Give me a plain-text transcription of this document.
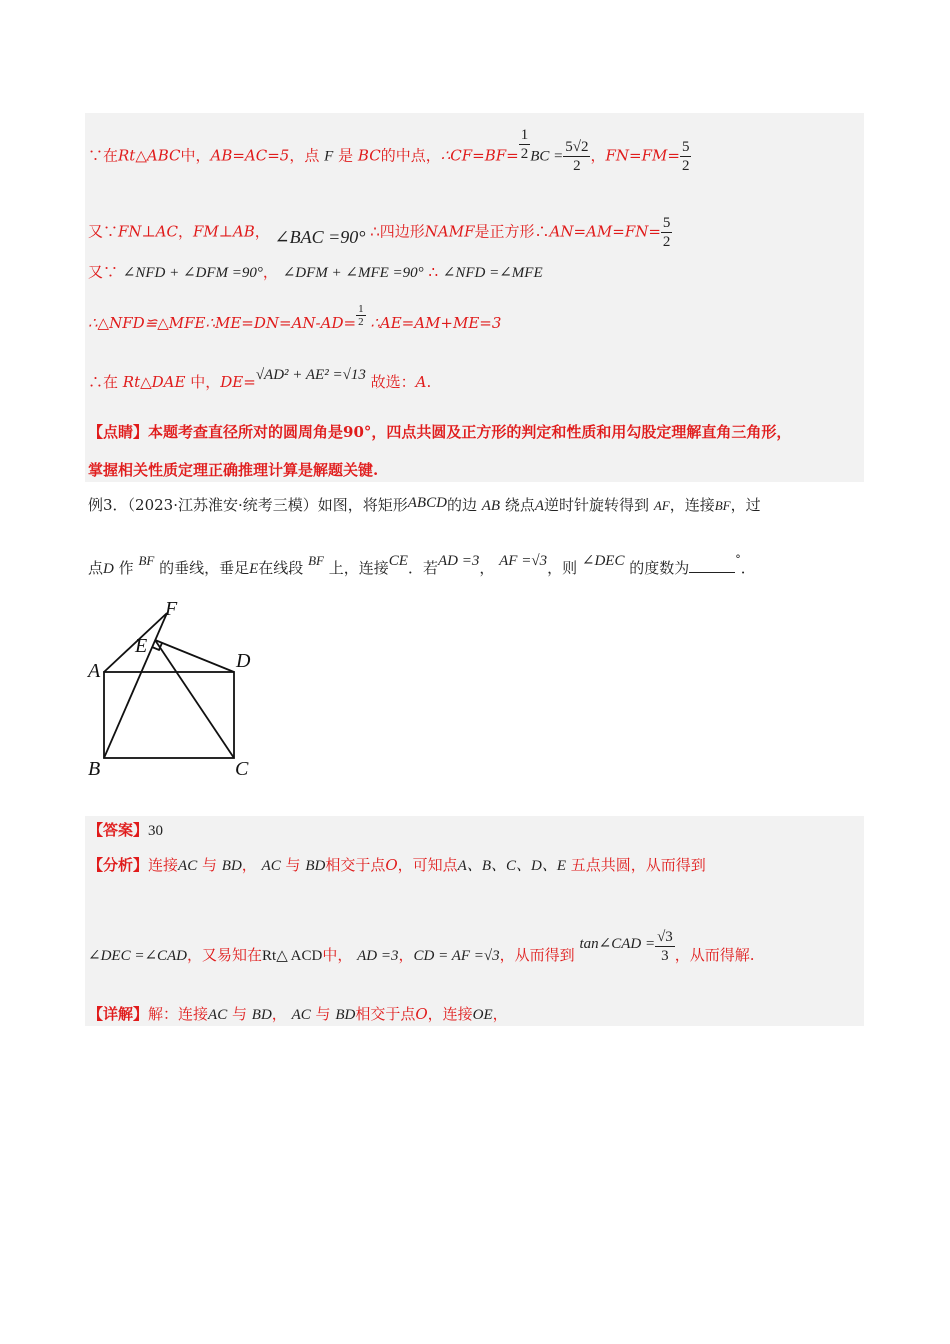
∵在Rt△ABC中，AB=AC=5，点 F 是 BC的中点，∴CF=BF= $\frac{1}{2}$ BC = $\frac{5√2}{2}$ ，$FN=FM= \frac{5}{2}$
又∵FN⊥AC，FM⊥AB， ∠BAC =90° ∴四边形NAMF是正方形∴AN=AM=FN= $\frac{5}{2}$
又∵ ∠NFD + ∠DFM =90°， ∠DFM + ∠MFE =90° ∴ ∠NFD =∠MFE
∴△NFD≌△MFE∴ME=DN=AN-AD= $\frac{1}{2}$ ∴AE=AM+ME=3
∴在 Rt△DAE 中，DE=√AD² + AE² =√13 故选：A.
【点睛】本题考查直径所对的圆周角是90°，四点共圆及正方形的判定和性质和用勾股定理解直角三角形，
掌握相关性质定理正确推理计算是解题关键.
例3．（2023·江苏淮安·统考三模）如图，将矩形ABCD的边 AB 绕点A逆时针旋转得到 AF，连接BF，过
点D 作 BF 的垂线，垂足E在线段 BF 上，连接CE．若AD =3， AF =√3，则 ∠DEC 的度数为	°．
F
E
A	D
B	C
【答案】30
【分析】连接AC 与 BD， AC 与 BD相交于点O，可知点A、B、C、D、E 五点共圆，从而得到
∠DEC =∠CAD，又易知在Rt△ ACD中， AD =3，CD = AF =√3，从而得到 tan∠CAD = $\frac{√3}{3}$ ，从而得解.
【详解】解：连接AC 与 BD， AC 与 BD相交于点O，连接OE，
